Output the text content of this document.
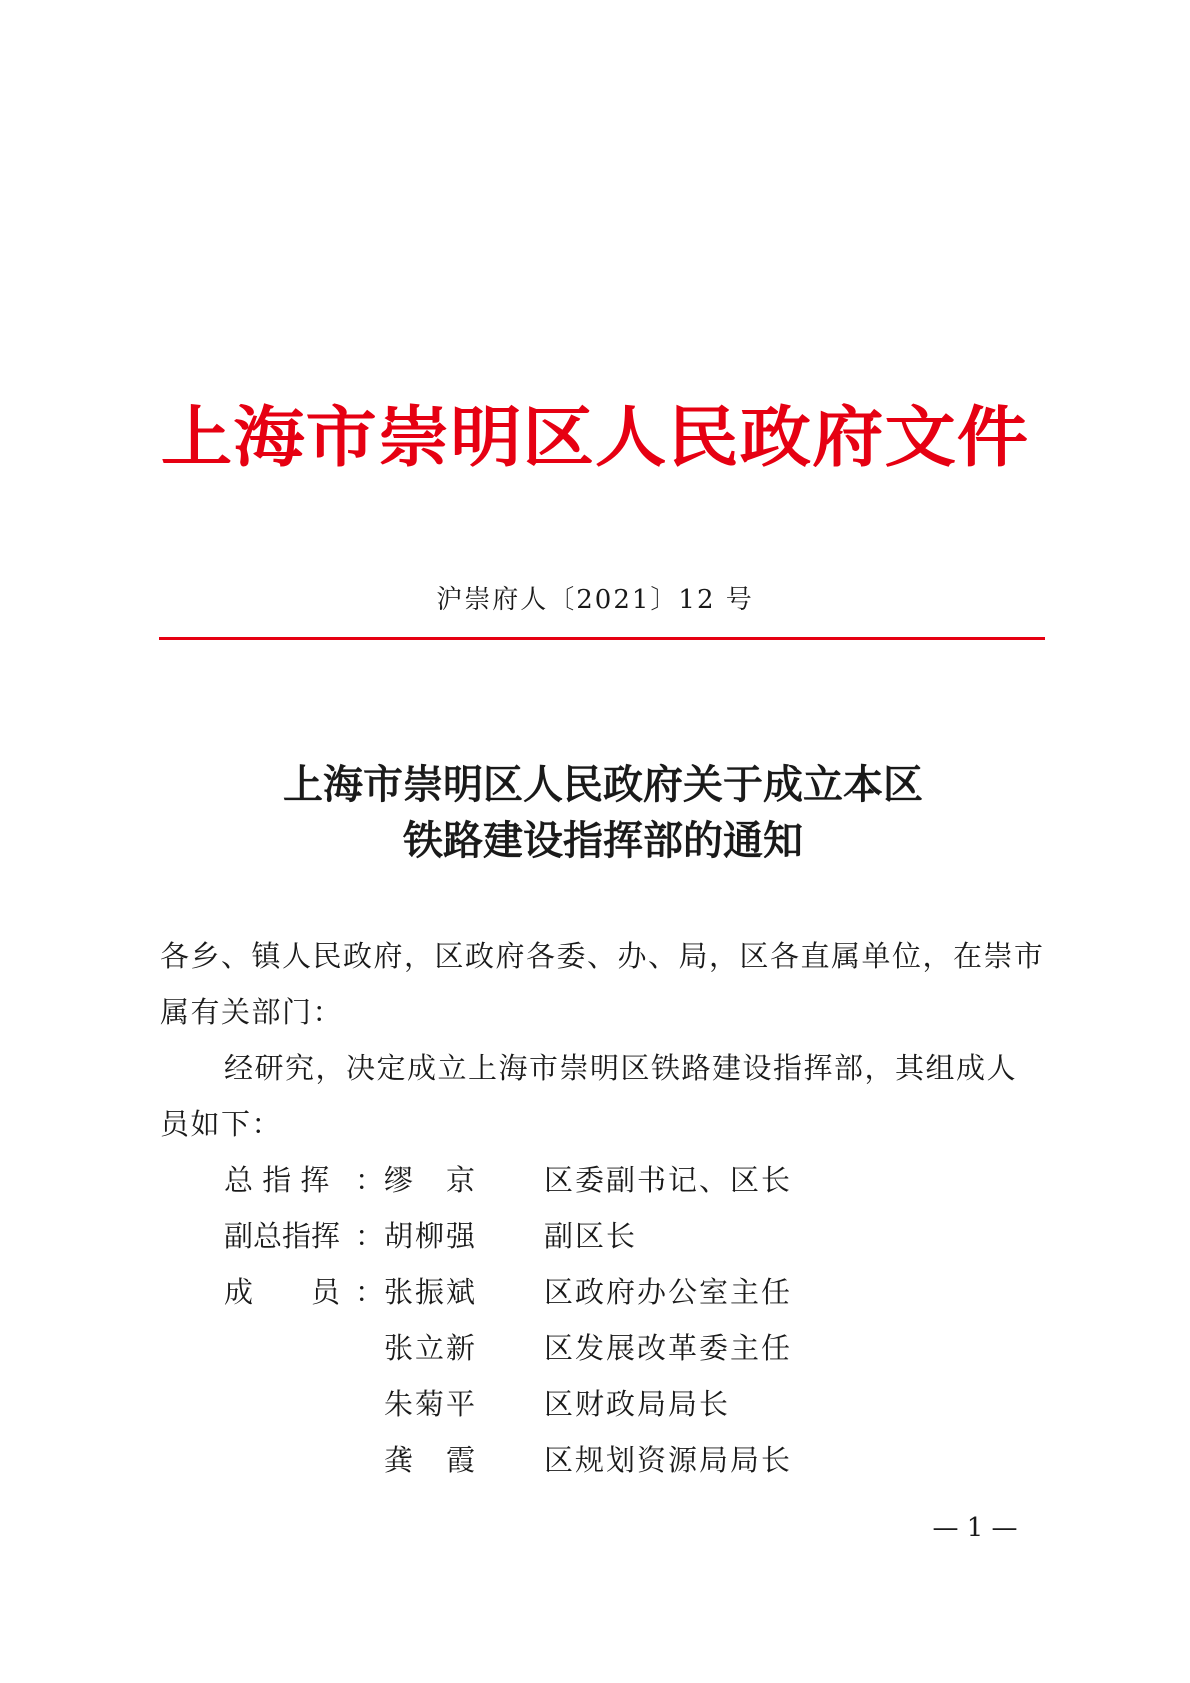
上海市崇明区人民政府文件
沪崇府人〔2021〕12 号
上海市崇明区人民政府关于成立本区
铁路建设指挥部的通知
各乡、镇人民政府，区政府各委、办、局，区各直属单位，在崇市属有关部门：
经研究，决定成立上海市崇明区铁路建设指挥部，其组成人员如下：
总 指 挥 ： 缪　京	区委副书记、区长
副总指挥 ： 胡柳强	副区长
成　　员 ： 张振斌	区政府办公室主任
张立新	区发展改革委主任
朱菊平	区财政局局长
龚　霞	区规划资源局局长
— 1 —
